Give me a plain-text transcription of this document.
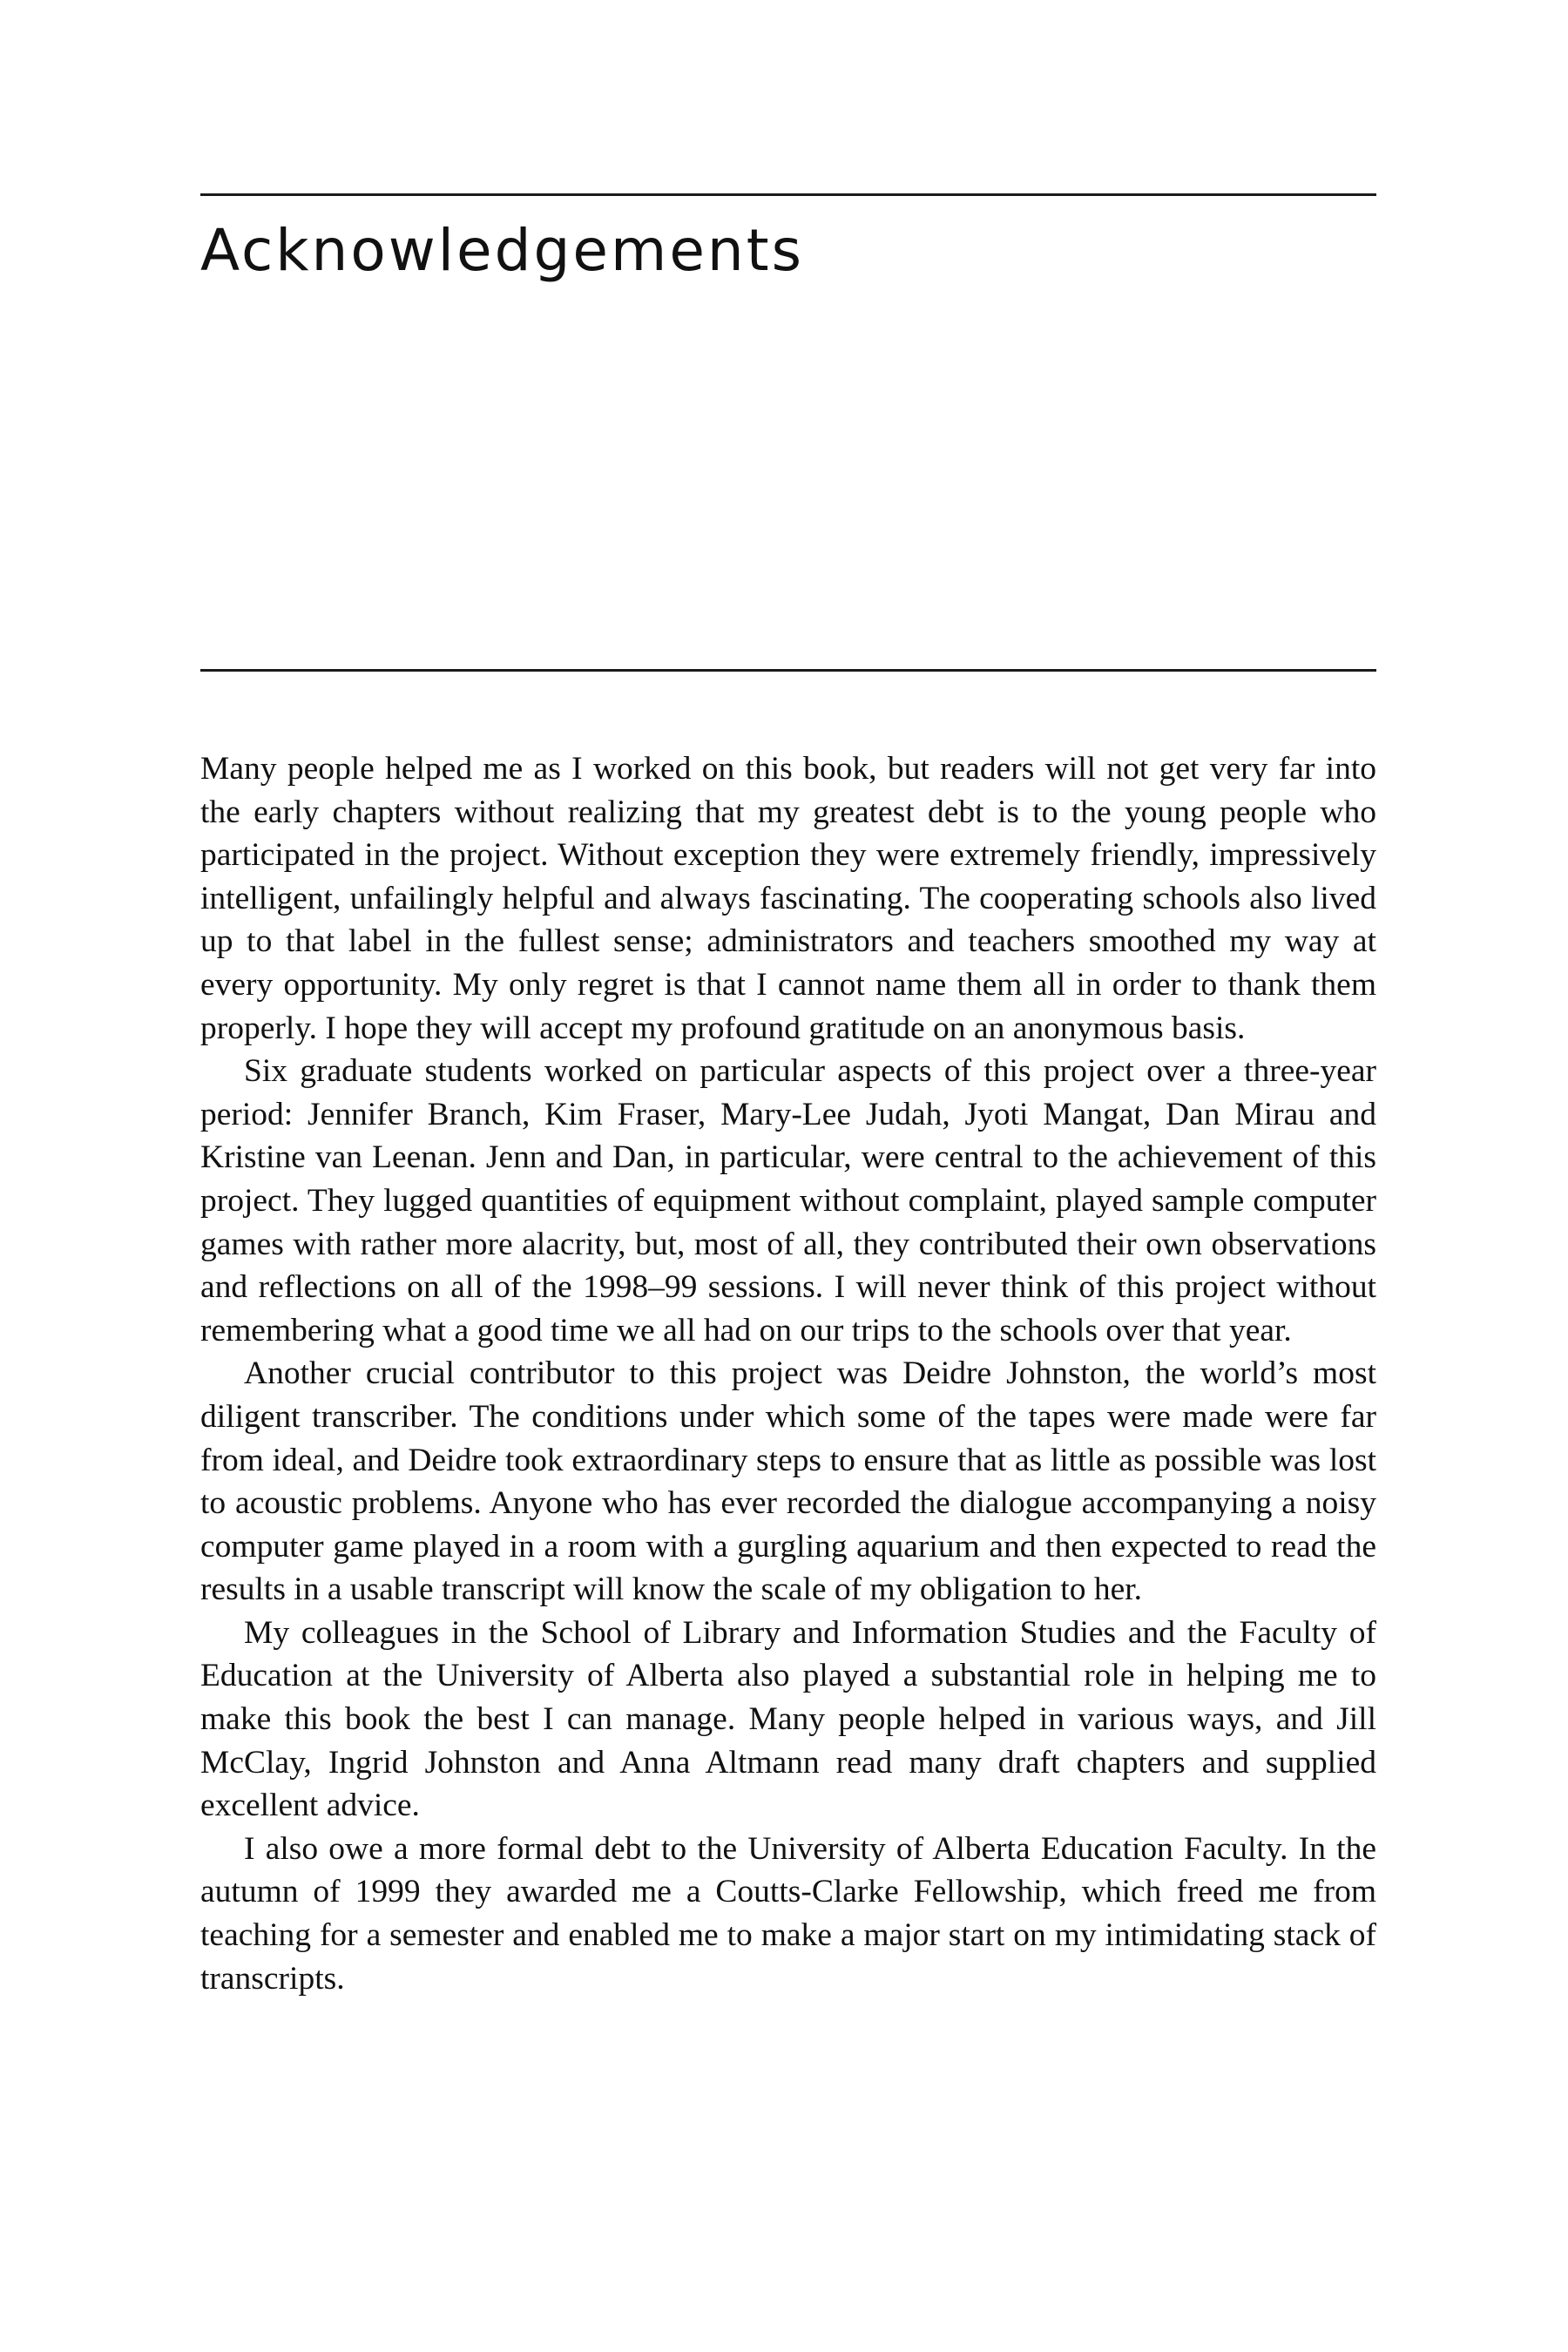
Acknowledgements

Many people helped me as I worked on this book, but readers will not get very far into the early chapters without realizing that my greatest debt is to the young people who participated in the project. Without exception they were extremely friendly, impressively intelligent, unfailingly helpful and always fascinating. The cooperating schools also lived up to that label in the fullest sense; administrators and teachers smoothed my way at every opportunity. My only regret is that I cannot name them all in order to thank them properly. I hope they will accept my profound gratitude on an anonymous basis.

Six graduate students worked on particular aspects of this project over a three-year period: Jennifer Branch, Kim Fraser, Mary-Lee Judah, Jyoti Mangat, Dan Mirau and Kristine van Leenan. Jenn and Dan, in particular, were central to the achievement of this project. They lugged quantities of equipment without complaint, played sample computer games with rather more alacrity, but, most of all, they contributed their own observations and reflections on all of the 1998–99 sessions. I will never think of this project without remembering what a good time we all had on our trips to the schools over that year.

Another crucial contributor to this project was Deidre Johnston, the world’s most diligent transcriber. The conditions under which some of the tapes were made were far from ideal, and Deidre took extraordinary steps to ensure that as little as possible was lost to acoustic problems. Anyone who has ever recorded the dialogue accompanying a noisy computer game played in a room with a gurgling aquarium and then expected to read the results in a usable transcript will know the scale of my obligation to her.

My colleagues in the School of Library and Information Studies and the Faculty of Education at the University of Alberta also played a substantial role in helping me to make this book the best I can manage. Many people helped in various ways, and Jill McClay, Ingrid Johnston and Anna Altmann read many draft chapters and supplied excellent advice.

I also owe a more formal debt to the University of Alberta Education Faculty. In the autumn of 1999 they awarded me a Coutts-Clarke Fellowship, which freed me from teaching for a semester and enabled me to make a major start on my intimidating stack of transcripts.
